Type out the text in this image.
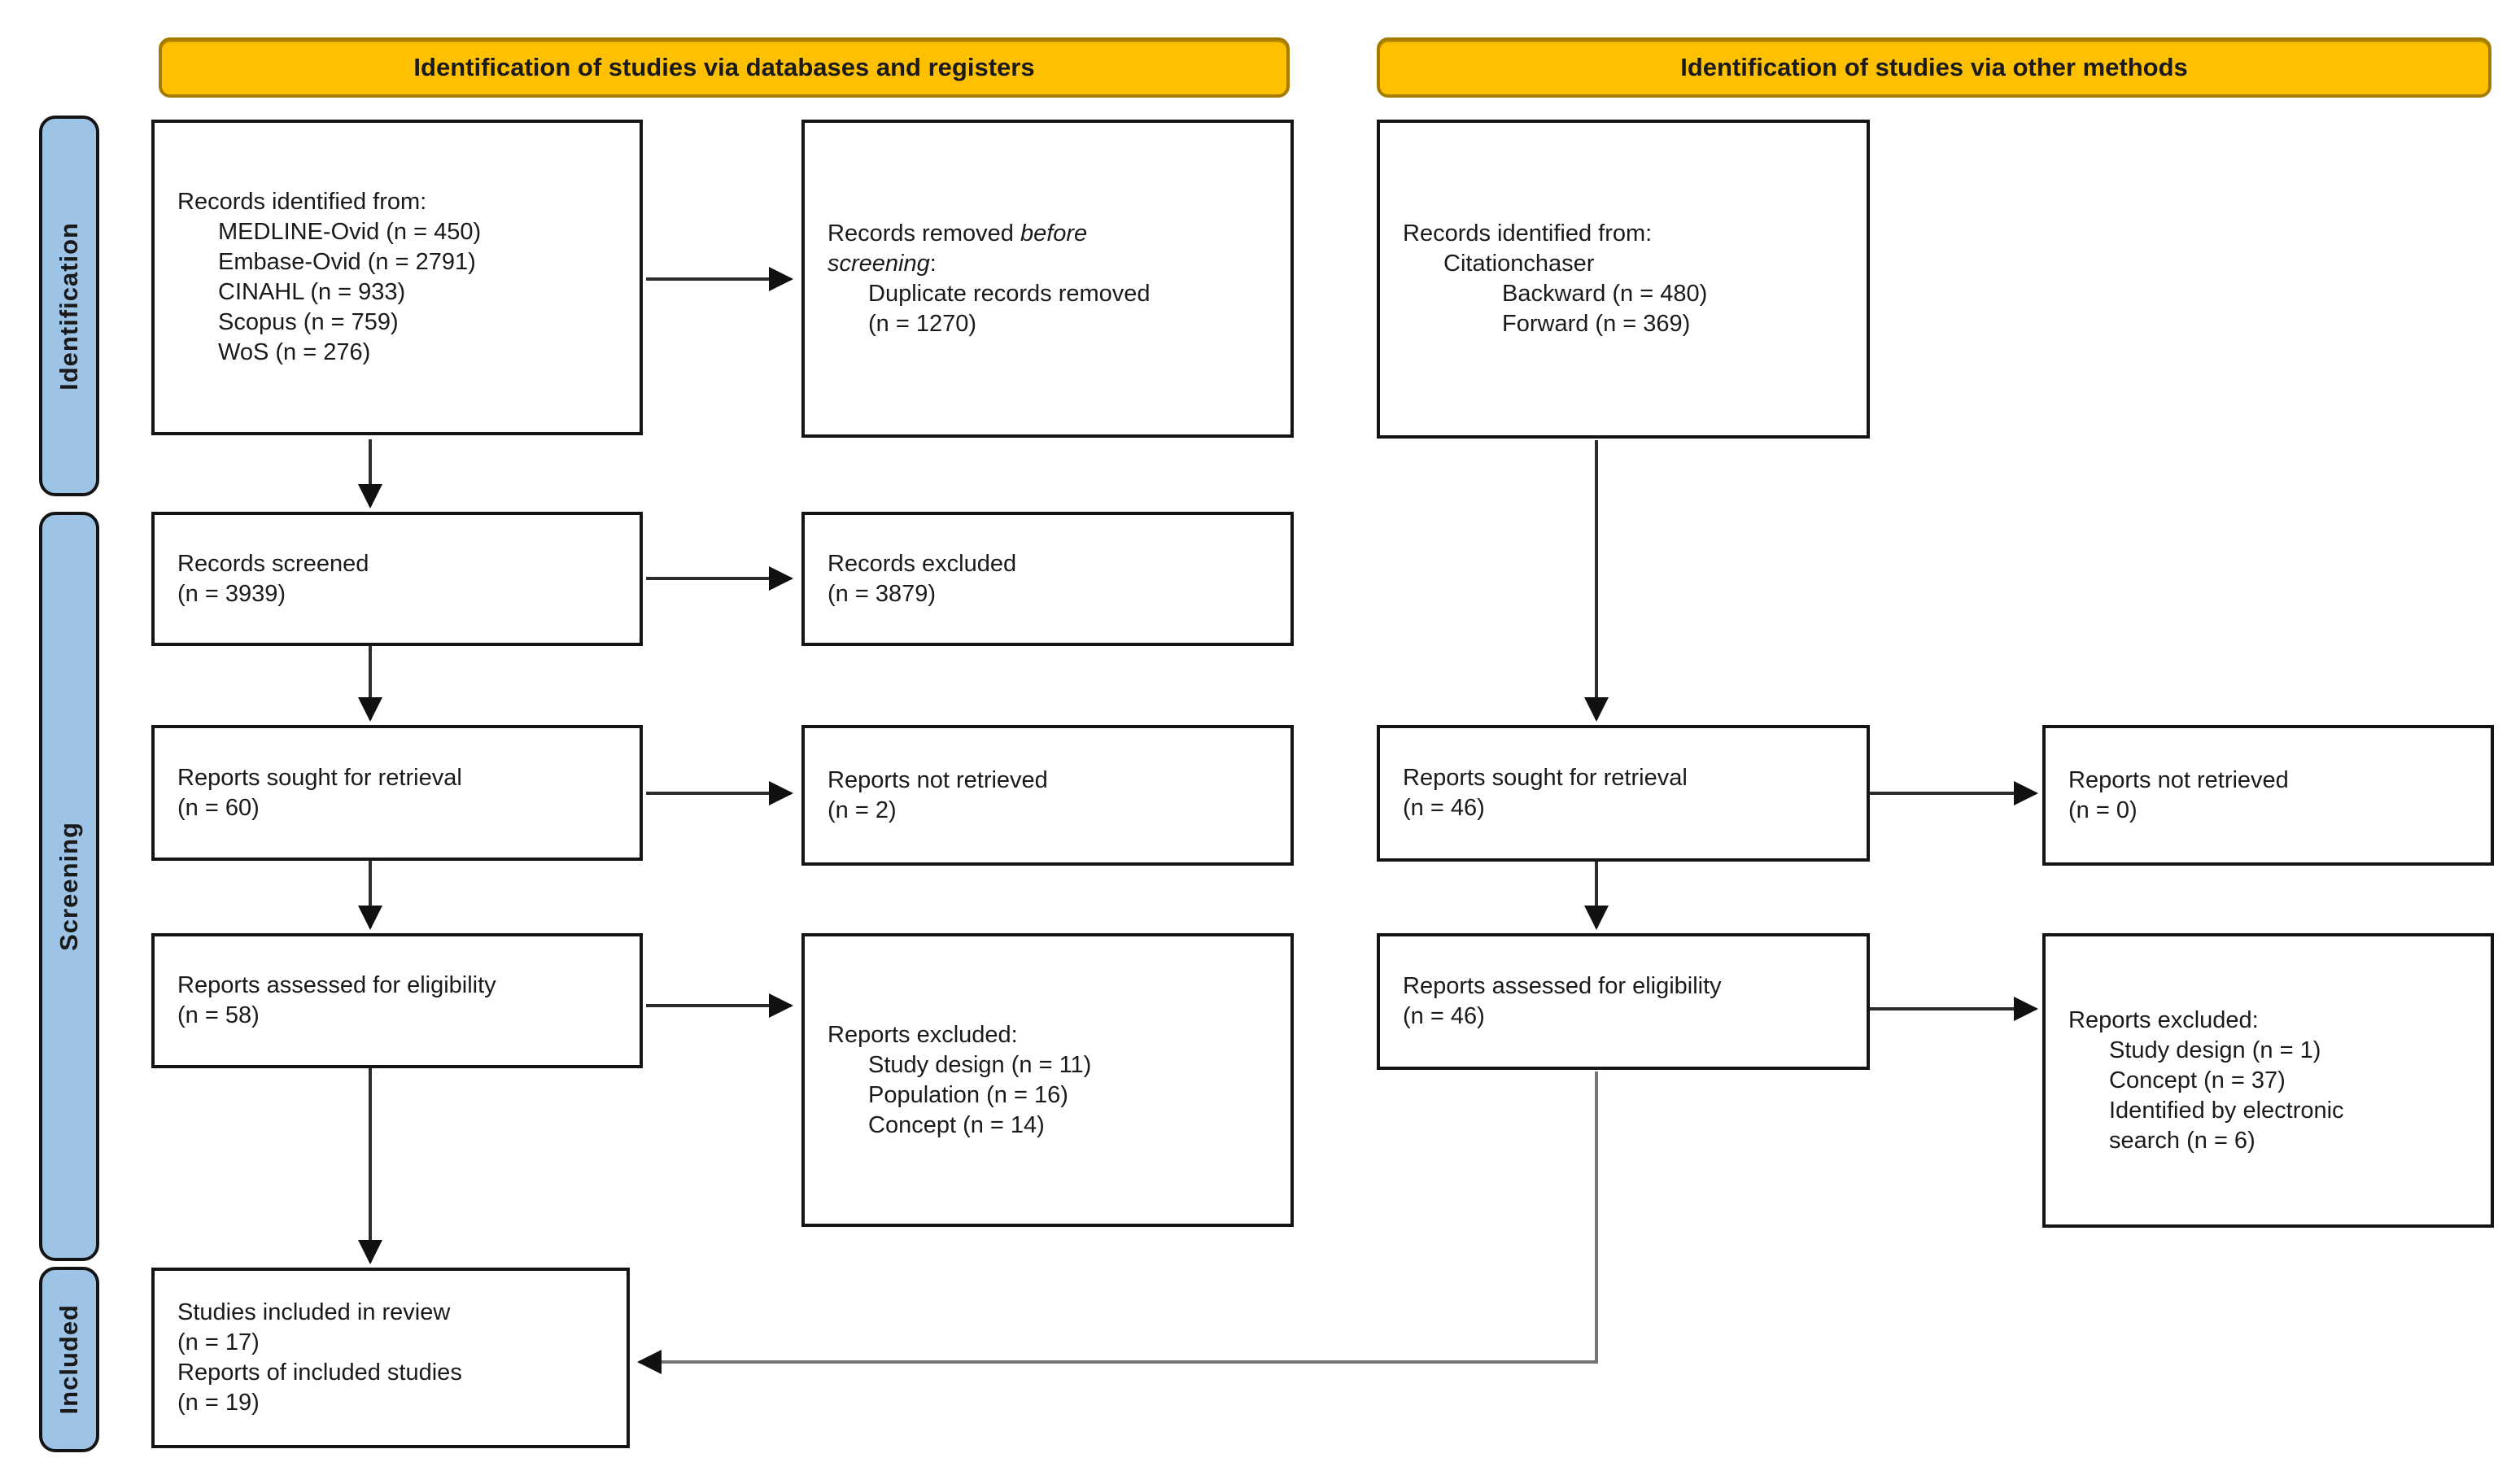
Identification of studies via databases and registers	Identification of studies via other methods
Identification
Screening
Included
Records identified from:
MEDLINE-Ovid (n = 450)
Embase-Ovid (n = 2791)
CINAHL (n = 933)
Scopus (n = 759)
WoS (n = 276)
Records removed before
screening:
Duplicate records removed
(n = 1270)
Records identified from:
Citationchaser
Backward (n = 480)
Forward (n = 369)
Records screened
(n = 3939)
Records excluded
(n = 3879)
Reports sought for retrieval
(n = 60)
Reports not retrieved
(n = 2)
Reports sought for retrieval
(n = 46)
Reports not retrieved
(n = 0)
Reports assessed for eligibility
(n = 58)
Reports excluded:
Study design (n = 11)
Population (n = 16)
Concept (n = 14)
Reports assessed for eligibility
(n = 46)	Reports excluded:
Study design (n = 1)
Concept (n = 37)
Identified by electronic
search (n = 6)
Studies included in review
(n = 17)
Reports of included studies
(n = 19)
